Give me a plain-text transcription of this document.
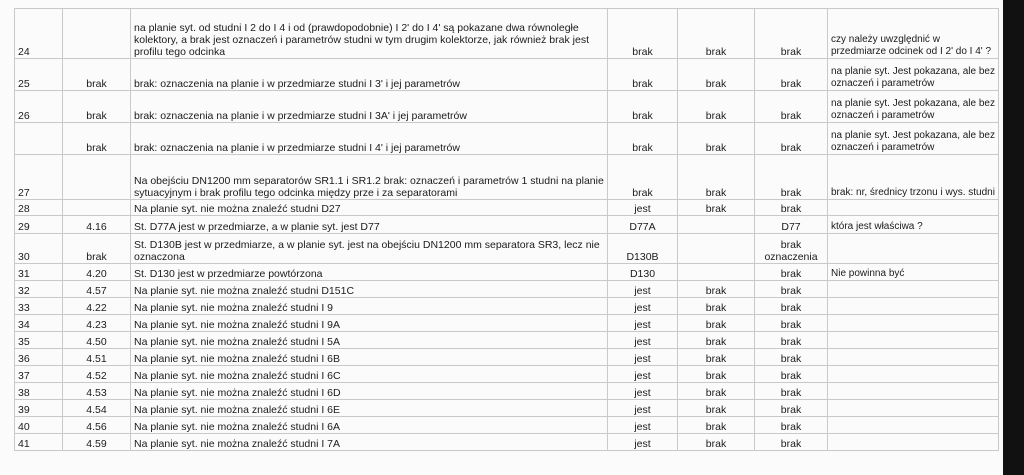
24		na planie syt. od studni I 2 do I 4 i od (prawdopodobnie) I 2' do I 4' są pokazane dwa równoległe kolektory, a brak jest oznaczeń i parametrów studni w tym drugim kolektorze, jak również brak jest profilu tego odcinka	brak	brak	brak	czy należy uwzględnić w przedmiarze odcinek od I 2' do I 4' ?
25	brak	brak: oznaczenia na planie i w przedmiarze studni I 3' i jej parametrów	brak	brak	brak	na planie syt. Jest pokazana, ale bez oznaczeń i parametrów
26	brak	brak: oznaczenia na planie i w przedmiarze studni I 3A' i jej parametrów	brak	brak	brak	na planie syt. Jest pokazana, ale bez oznaczeń i parametrów
	brak	brak: oznaczenia na planie i w przedmiarze studni I 4' i jej parametrów	brak	brak	brak	na planie syt. Jest pokazana, ale bez oznaczeń i parametrów
27		Na obejściu DN1200 mm separatorów SR1.1 i SR1.2 brak: oznaczeń i parametrów 1 studni na planie sytuacyjnym i brak profilu tego odcinka między prze i za separatorami	brak	brak	brak	brak: nr, średnicy trzonu i wys. studni
28		Na planie syt. nie można znaleźć studni D27	jest	brak	brak	
29	4.16	St. D77A jest w przedmiarze, a w planie syt. jest D77	D77A		D77	która jest właściwa ?
30	brak	St. D130B jest w przedmiarze, a w planie syt. jest na obejściu DN1200 mm separatora SR3, lecz nie oznaczona	D130B		brak oznaczenia	
31	4.20	St. D130 jest w przedmiarze powtórzona	D130		brak	Nie powinna być
32	4.57	Na planie syt. nie można znaleźć studni D151C	jest	brak	brak	
33	4.22	Na planie syt. nie można znaleźć studni I 9	jest	brak	brak	
34	4.23	Na planie syt. nie można znaleźć studni I 9A	jest	brak	brak	
35	4.50	Na planie syt. nie można znaleźć studni I 5A	jest	brak	brak	
36	4.51	Na planie syt. nie można znaleźć studni I 6B	jest	brak	brak	
37	4.52	Na planie syt. nie można znaleźć studni I 6C	jest	brak	brak	
38	4.53	Na planie syt. nie można znaleźć studni I 6D	jest	brak	brak	
39	4.54	Na planie syt. nie można znaleźć studni I 6E	jest	brak	brak	
40	4.56	Na planie syt. nie można znaleźć studni I 6A	jest	brak	brak	
41	4.59	Na planie syt. nie można znaleźć studni I 7A	jest	brak	brak	
